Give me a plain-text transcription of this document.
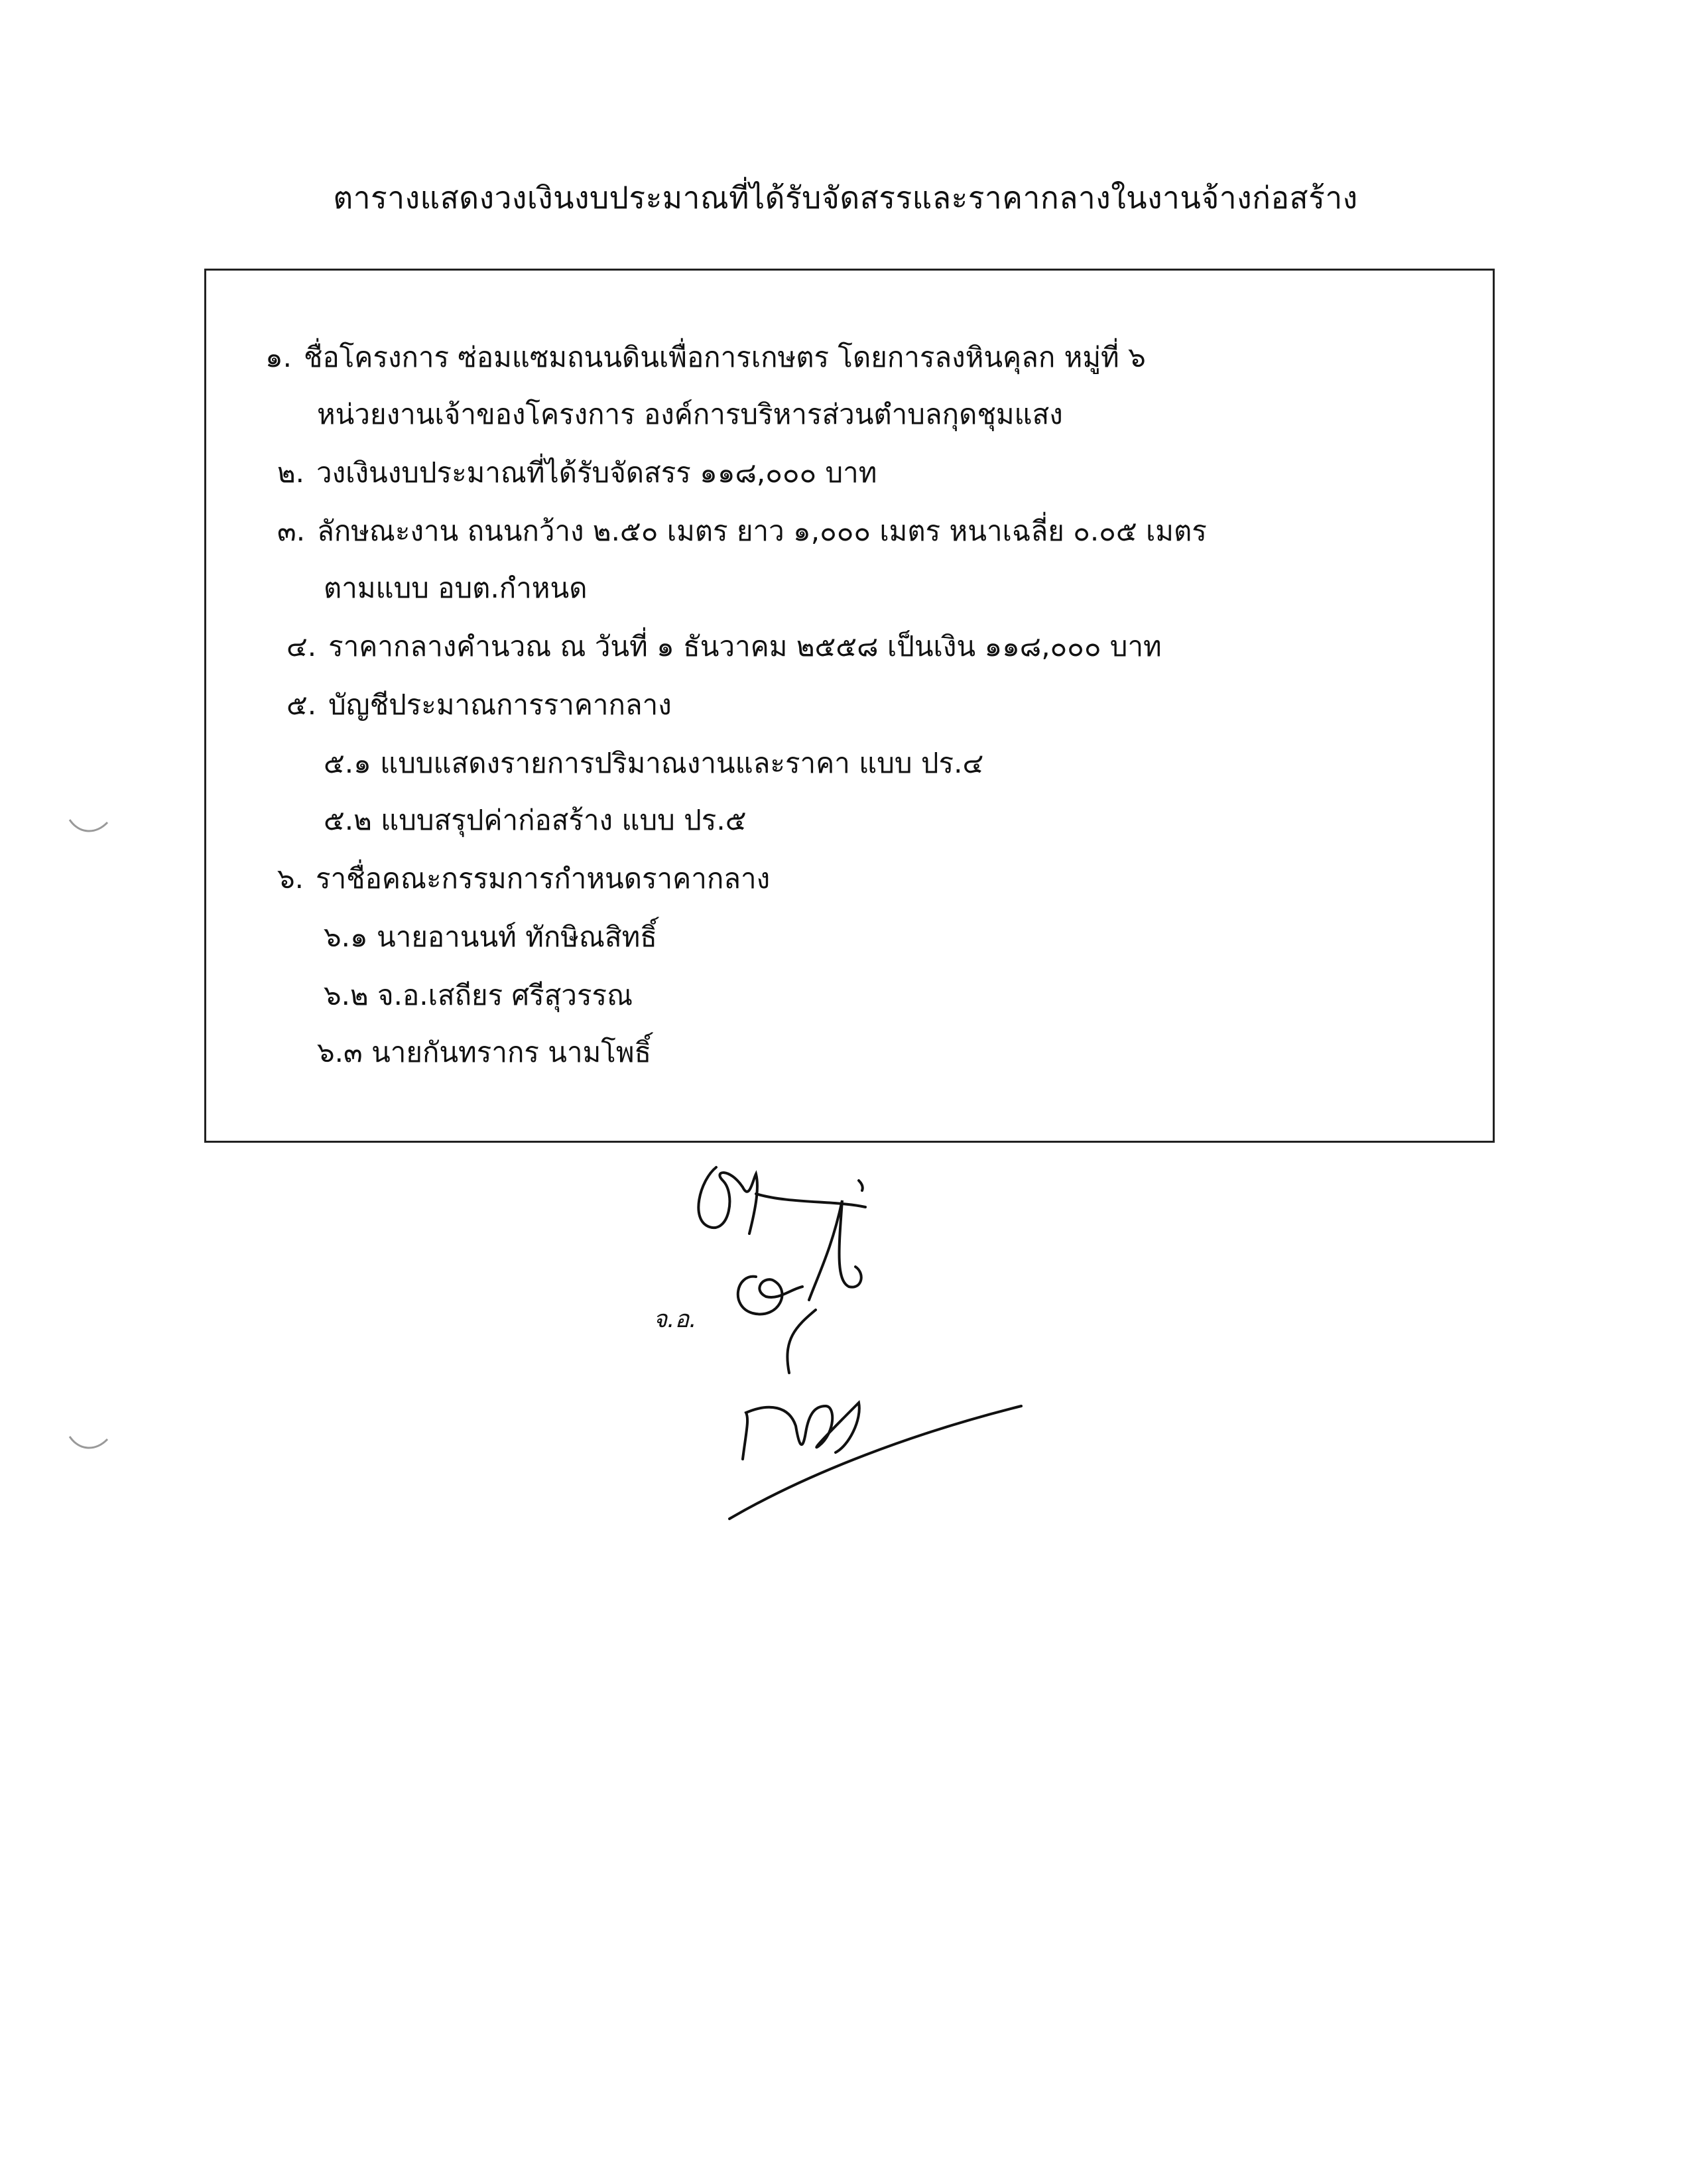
ตารางแสดงวงเงินงบประมาณที่ได้รับจัดสรรและราคากลางในงานจ้างก่อสร้าง
๑. ชื่อโครงการ ซ่อมแซมถนนดินเพื่อการเกษตร โดยการลงหินคุลก หมู่ที่ ๖
หน่วยงานเจ้าของโครงการ องค์การบริหารส่วนตำบลกุดชุมแสง
๒. วงเงินงบประมาณที่ได้รับจัดสรร ๑๑๘,๐๐๐ บาท
๓. ลักษณะงาน ถนนกว้าง ๒.๕๐ เมตร ยาว ๑,๐๐๐ เมตร หนาเฉลี่ย ๐.๐๕ เมตร
ตามแบบ อบต.กำหนด
๔. ราคากลางคำนวณ ณ วันที่ ๑ ธันวาคม ๒๕๕๘ เป็นเงิน ๑๑๘,๐๐๐ บาท
๕. บัญชีประมาณการราคากลาง
๕.๑ แบบแสดงรายการปริมาณงานและราคา แบบ ปร.๔
๕.๒ แบบสรุปค่าก่อสร้าง แบบ ปร.๕
๖. ราชื่อคณะกรรมการกำหนดราคากลาง
๖.๑ นายอานนท์ ทักษิณสิทธิ์
๖.๒ จ.อ.เสถียร ศรีสุวรรณ
๖.๓ นายกันทรากร นามโพธิ์
จ.อ.
